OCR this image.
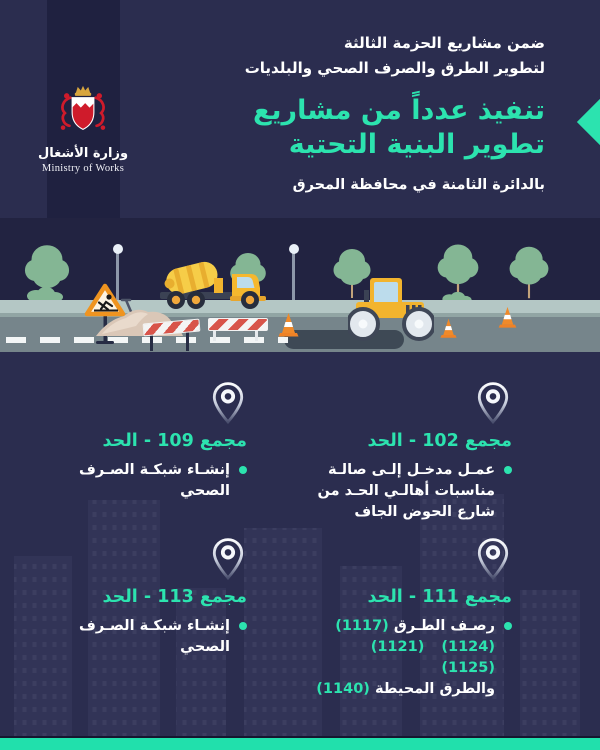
وزارة الأشغال
Ministry of Works
ضمن مشاريع الحزمة الثالثة
لتطوير الطرق والصرف الصحي والبلديات
تنفيذ عدداً من مشاريع
تطوير البنية التحتية
بالدائرة الثامنة في محافظة المحرق
مجمع 102 - الحد
عمـل مدخـل إلـى صالـة مناسبات أهالـي الحـد من شارع الحوض الجاف
مجمع 109 - الحد
إنشـاء شبكـة الصـرف الصحي
مجمع 111 - الحد
رصـف الطـرق (1117)
(1121) (1124) (1125)
(1140) والطرق المحيطة
مجمع 113 - الحد
إنشـاء شبكـة الصـرف الصحي
